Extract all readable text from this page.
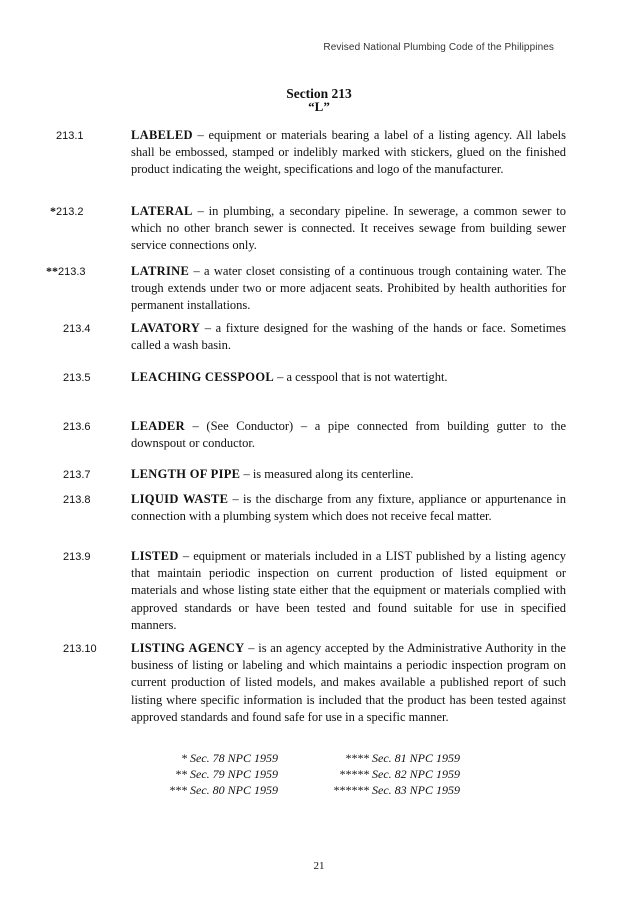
Revised National Plumbing Code of the Philippines
Section 213
“L”
213.1	LABELED – equipment or materials bearing a label of a listing agency. All labels shall be embossed, stamped or indelibly marked with stickers, glued on the finished product indicating the weight, specifications and logo of the manufacturer.
*213.2	LATERAL – in plumbing, a secondary pipeline. In sewerage, a common sewer to which no other branch sewer is connected. It receives sewage from building sewer service connections only.
**213.3	LATRINE – a water closet consisting of a continuous trough containing water. The trough extends under two or more adjacent seats. Prohibited by health authorities for permanent installations.
213.4	LAVATORY – a fixture designed for the washing of the hands or face. Sometimes called a wash basin.
213.5	LEACHING CESSPOOL – a cesspool that is not watertight.
213.6	LEADER – (See Conductor) – a pipe connected from building gutter to the downspout or conductor.
213.7	LENGTH OF PIPE – is measured along its centerline.
213.8	LIQUID WASTE – is the discharge from any fixture, appliance or appurtenance in connection with a plumbing system which does not receive fecal matter.
213.9	LISTED – equipment or materials included in a LIST published by a listing agency that maintain periodic inspection on current production of listed equipment or materials and whose listing state either that the equipment or materials complied with approved standards or have been tested and found suitable for use in specified manners.
213.10	LISTING AGENCY – is an agency accepted by the Administrative Authority in the business of listing or labeling and which maintains a periodic inspection program on current production of listed models, and makes available a published report of such listing where specific information is included that the product has been tested against approved standards and found safe for use in a specific manner.
* Sec. 78 NPC 1959
** Sec. 79 NPC 1959
*** Sec. 80 NPC 1959
**** Sec. 81 NPC 1959
***** Sec. 82 NPC 1959
****** Sec. 83 NPC 1959
21
